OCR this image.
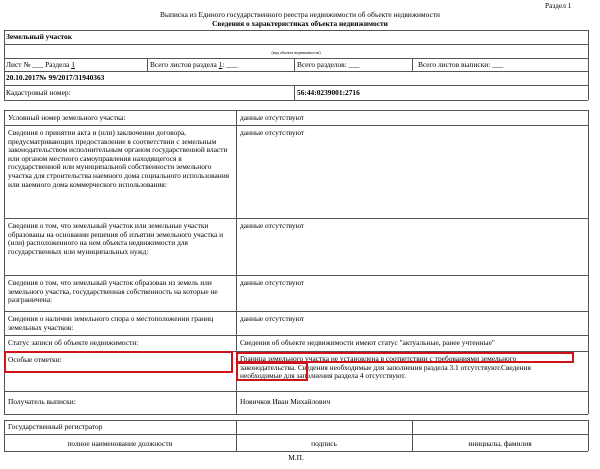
Раздел 1
Выписка из Единого государственного реестра недвижимости об объекте недвижимости
Сведения о характеристиках объекта недвижимости
Земельный участок
(вид объекта недвижимости)
Лист № ___ Раздела 1	Всего листов раздела 1: ___	Всего разделов: ___	Всего листов выписки: ___
20.10.2017№ 99/2017/31940363
Кадастровый номер:	56:44:0239001:2716
Условный номер земельного участка:	данные отсутствуют
Сведения о принятии акта и (или) заключении договора, предусматривающих предоставление в соответствии с земельным законодательством исполнительным органом государственной власти или органом местного самоуправления находящегося в государственной или муниципальной собственности земельного участка для строительства наемного дома социального использования или наемного дома коммерческого использования:
данные отсутствуют
Сведения о том, что земельный участок или земельные участки образованы на основании решения об изъятии земельного участка и (или) расположенного на нем объекта недвижимости для государственных или муниципальных нужд:
данные отсутствуют
Сведения о том, что земельный участок образован из земель или земельного участка, государственная собственность на которые не разграничена:
данные отсутствуют
Сведения о наличии земельного спора о местоположении границ земельных участков:
данные отсутствуют
Статус записи об объекте недвижимости:	Сведения об объекте недвижимости имеют статус "актуальные, ранее учтенные"
Особые отметки:	Граница земельного участка не установлена в соответствии с требованиями земельного
законодательства. Сведения необходимые для заполнения раздела 3.1 отсутствуют.Сведения
необходимые для заполнения раздела 4 отсутствуют.
Получатель выписки:	Новичков Иван Михайлович
Государственный регистратор
полное наименование должности	подпись	инициалы, фамилия
М.П.
